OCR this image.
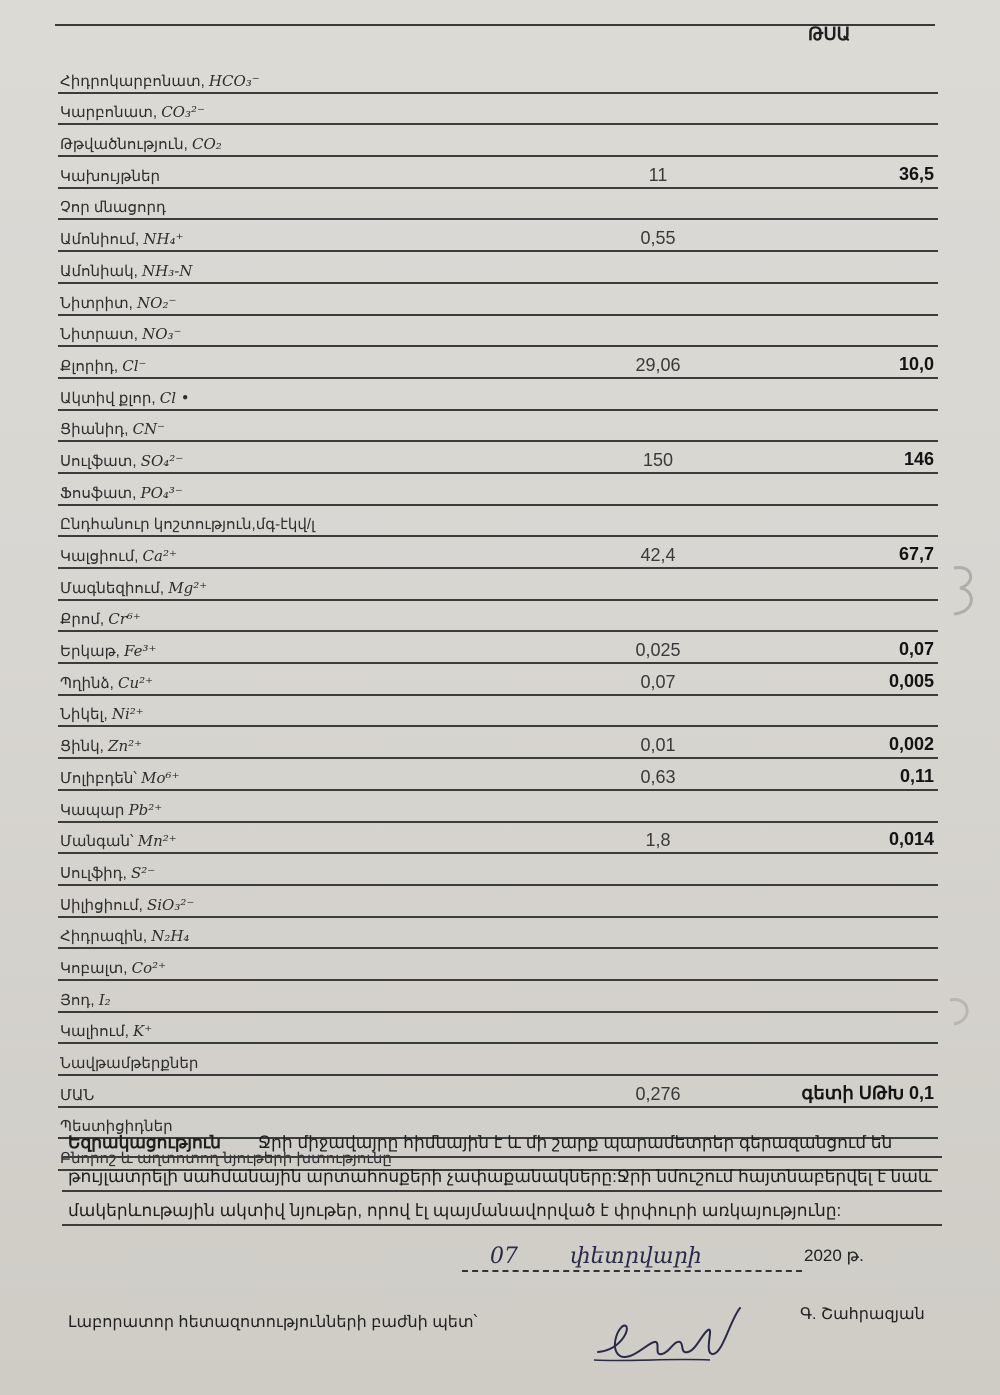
ԹՍԱ
Հիդրոկարբոնատ, HCO₃⁻
Կարբոնատ, CO₃²⁻
Թթվածնություն, CO₂
Կախույթներ	11	36,5
Չոր մնացորդ
Ամոնիում, NH₄⁺	0,55
Ամոնիակ, NH₃-N
Նիտրիտ, NO₂⁻
Նիտրատ, NO₃⁻
Քլորիդ, Cl⁻	29,06	10,0
Ակտիվ քլոր, Cl •
Ցիանիդ, CN⁻
Սուլֆատ, SO₄²⁻	150	146
Ֆոսֆատ, PO₄³⁻
Ընդհանուր կոշտություն,մգ-էկվ/լ
Կալցիում, Ca²⁺	42,4	67,7
Մագնեզիում, Mg²⁺
Քրոմ, Cr⁶⁺
Երկաթ, Fe³⁺	0,025	0,07
Պղինձ, Cu²⁺	0,07	0,005
Նիկել, Ni²⁺
Ցինկ, Zn²⁺	0,01	0,002
Մոլիբդեն՝ Mo⁶⁺	0,63	0,11
Կապար Pb²⁺
Մանգան՝ Mn²⁺	1,8	0,014
Սուլֆիդ, S²⁻
Սիլիցիում, SiO₃²⁻
Հիդրազին, N₂H₄
Կոբալտ, Co²⁺
Յոդ, I₂
Կալիում, K⁺
Նավթամթերքներ
ՄԱՆ	0,276	գետի ՍԹԽ 0,1
Պեստիցիդներ
Բնորոշ և աղտոտող նյութերի խտությունը
Եզրակացություն Ջրի միջավայրը հիմնային է և մի շարք պարամետրեր գերազանցում են
թույլատրելի սահմանային արտահոսքերի չափաքանակները:Ջրի նմուշում հայտնաբերվել է նաև
մակերևութային ակտիվ նյութեր, որով էլ պայմանավորված է փրփուրի առկայությունը:
07 փետրվարի	2020 թ.
Լաբորատոր հետազոտությունների բաժնի պետ՝	Գ. Շահրազյան
